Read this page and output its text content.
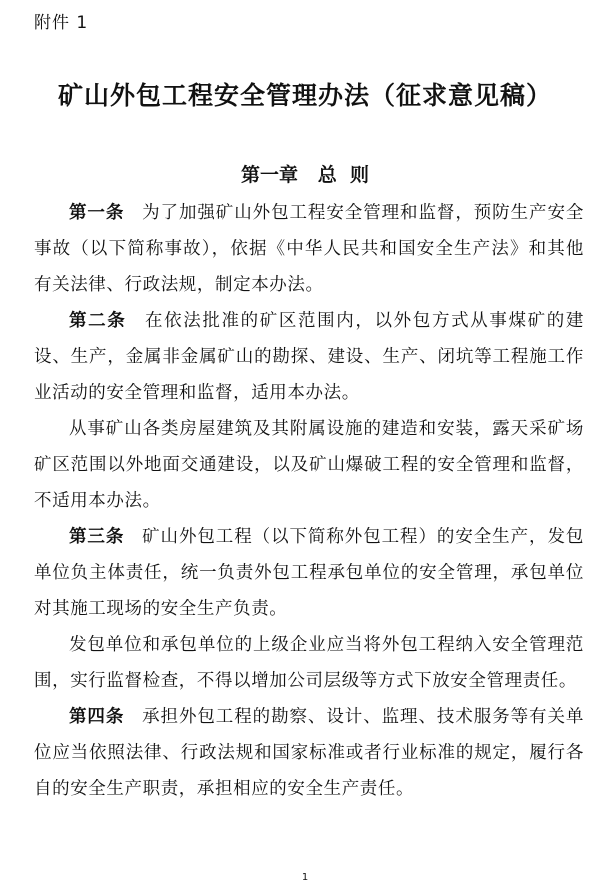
附件 1
矿山外包工程安全管理办法（征求意见稿）
第一章   总  则

第一条 为了加强矿山外包工程安全管理和监督，预防生产安全事故（以下简称事故），依据《中华人民共和国安全生产法》和其他有关法律、行政法规，制定本办法。

第二条 在依法批准的矿区范围内，以外包方式从事煤矿的建设、生产，金属非金属矿山的勘探、建设、生产、闭坑等工程施工作业活动的安全管理和监督，适用本办法。

从事矿山各类房屋建筑及其附属设施的建造和安装，露天采矿场矿区范围以外地面交通建设，以及矿山爆破工程的安全管理和监督，不适用本办法。

第三条 矿山外包工程（以下简称外包工程）的安全生产，发包单位负主体责任，统一负责外包工程承包单位的安全管理，承包单位对其施工现场的安全生产负责。

发包单位和承包单位的上级企业应当将外包工程纳入安全管理范围，实行监督检查，不得以增加公司层级等方式下放安全管理责任。

第四条 承担外包工程的勘察、设计、监理、技术服务等有关单位应当依照法律、行政法规和国家标准或者行业标准的规定，履行各自的安全生产职责，承担相应的安全生产责任。

1
